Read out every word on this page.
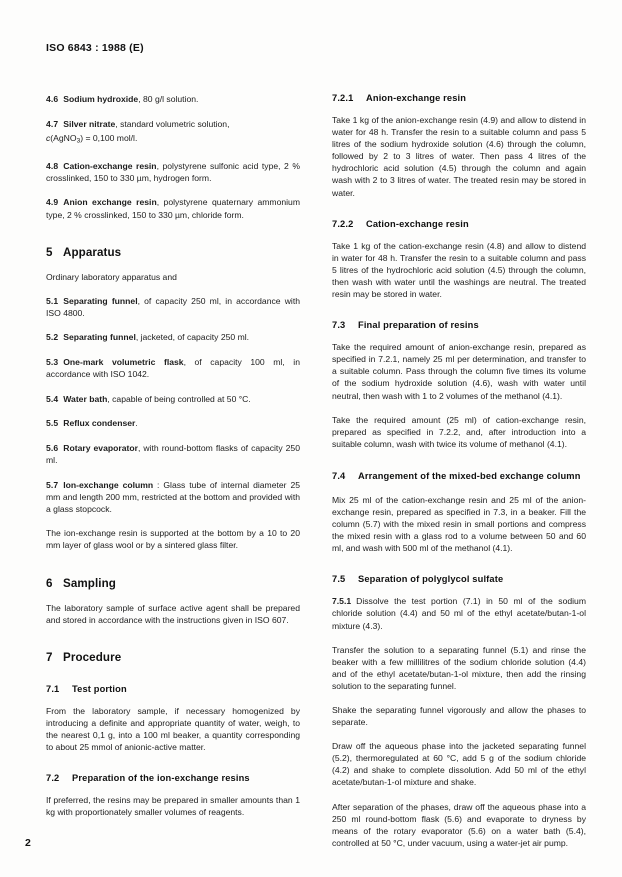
ISO 6843 : 1988 (E)
4.6 Sodium hydroxide, 80 g/l solution.
4.7 Silver nitrate, standard volumetric solution,
c(AgNO$_3$) = 0,100 mol/l.
4.8 Cation-exchange resin, polystyrene sulfonic acid type, 2 % crosslinked, 150 to 330 µm, hydrogen form.
4.9 Anion exchange resin, polystyrene quaternary ammonium type, 2 % crosslinked, 150 to 330 µm, chloride form.
5 Apparatus
Ordinary laboratory apparatus and
5.1 Separating funnel, of capacity 250 ml, in accordance with ISO 4800.
5.2 Separating funnel, jacketed, of capacity 250 ml.
5.3 One-mark volumetric flask, of capacity 100 ml, in accordance with ISO 1042.
5.4 Water bath, capable of being controlled at 50 °C.
5.5 Reflux condenser.
5.6 Rotary evaporator, with round-bottom flasks of capacity 250 ml.
5.7 Ion-exchange column : Glass tube of internal diameter 25 mm and length 200 mm, restricted at the bottom and provided with a glass stopcock.
The ion-exchange resin is supported at the bottom by a 10 to 20 mm layer of glass wool or by a sintered glass filter.
6 Sampling
The laboratory sample of surface active agent shall be prepared and stored in accordance with the instructions given in ISO 607.
7 Procedure
7.1 Test portion
From the laboratory sample, if necessary homogenized by introducing a definite and appropriate quantity of water, weigh, to the nearest 0,1 g, into a 100 ml beaker, a quantity corresponding to about 25 mmol of anionic-active matter.
7.2 Preparation of the ion-exchange resins
If preferred, the resins may be prepared in smaller amounts than 1 kg with proportionately smaller volumes of reagents.
7.2.1 Anion-exchange resin
Take 1 kg of the anion-exchange resin (4.9) and allow to distend in water for 48 h. Transfer the resin to a suitable column and pass 5 litres of the sodium hydroxide solution (4.6) through the column, followed by 2 to 3 litres of water. Then pass 4 litres of the hydrochloric acid solution (4.5) through the column and again wash with 2 to 3 litres of water. The treated resin may be stored in water.
7.2.2 Cation-exchange resin
Take 1 kg of the cation-exchange resin (4.8) and allow to distend in water for 48 h. Transfer the resin to a suitable column and pass 5 litres of the hydrochloric acid solution (4.5) through the column, then wash with water until the washings are neutral. The treated resin may be stored in water.
7.3 Final preparation of resins
Take the required amount of anion-exchange resin, prepared as specified in 7.2.1, namely 25 ml per determination, and transfer to a suitable column. Pass through the column five times its volume of the sodium hydroxide solution (4.6), wash with water until neutral, then wash with 1 to 2 volumes of the methanol (4.1).
Take the required amount (25 ml) of cation-exchange resin, prepared as specified in 7.2.2, and, after introduction into a suitable column, wash with twice its volume of methanol (4.1).
7.4 Arrangement of the mixed-bed exchange column
Mix 25 ml of the cation-exchange resin and 25 ml of the anion-exchange resin, prepared as specified in 7.3, in a beaker. Fill the column (5.7) with the mixed resin in small portions and compress the mixed resin with a glass rod to a volume between 50 and 60 ml, and wash with 500 ml of the methanol (4.1).
7.5 Separation of polyglycol sulfate
7.5.1 Dissolve the test portion (7.1) in 50 ml of the sodium chloride solution (4.4) and 50 ml of the ethyl acetate/butan-1-ol mixture (4.3).
Transfer the solution to a separating funnel (5.1) and rinse the beaker with a few millilitres of the sodium chloride solution (4.4) and of the ethyl acetate/butan-1-ol mixture, then add the rinsing solution to the separating funnel.
Shake the separating funnel vigorously and allow the phases to separate.
Draw off the aqueous phase into the jacketed separating funnel (5.2), thermoregulated at 60 °C, add 5 g of the sodium chloride (4.2) and shake to complete dissolution. Add 50 ml of the ethyl acetate/butan-1-ol mixture and shake.
After separation of the phases, draw off the aqueous phase into a 250 ml round-bottom flask (5.6) and evaporate to dryness by means of the rotary evaporator (5.6) on a water bath (5.4), controlled at 50 °C, under vacuum, using a water-jet air pump.
2
